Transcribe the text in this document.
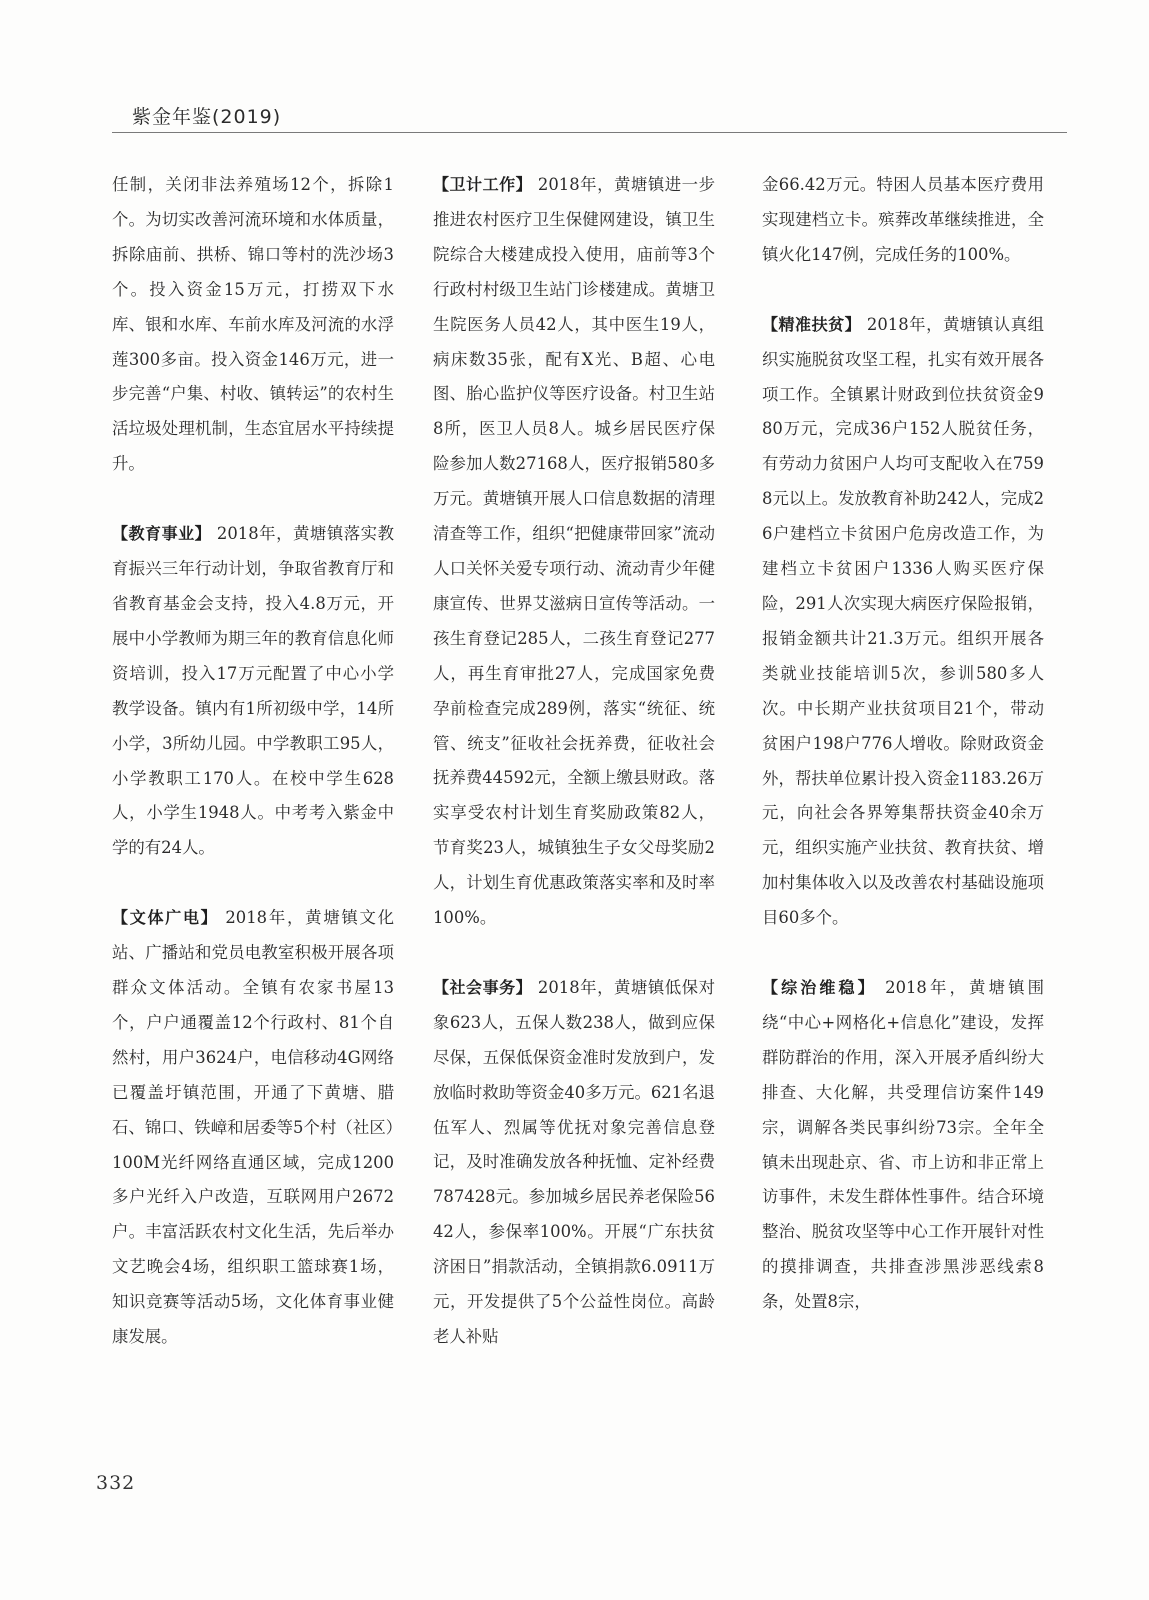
紫金年鉴(2019)

任制，关闭非法养殖场12个，拆除1个。为切实改善河流环境和水体质量，拆除庙前、拱桥、锦口等村的洗沙场3个。投入资金15万元，打捞双下水库、银和水库、车前水库及河流的水浮莲300多亩。投入资金146万元，进一步完善“户集、村收、镇转运”的农村生活垃圾处理机制，生态宜居水平持续提升。

【教育事业】 2018年，黄塘镇落实教育振兴三年行动计划，争取省教育厅和省教育基金会支持，投入4.8万元，开展中小学教师为期三年的教育信息化师资培训，投入17万元配置了中心小学教学设备。镇内有1所初级中学，14所小学，3所幼儿园。中学教职工95人，小学教职工170人。在校中学生628人，小学生1948人。中考考入紫金中学的有24人。

【文体广电】 2018年，黄塘镇文化站、广播站和党员电教室积极开展各项群众文体活动。全镇有农家书屋13个，户户通覆盖12个行政村、81个自然村，用户3624户，电信移动4G网络已覆盖圩镇范围，开通了下黄塘、腊石、锦口、铁嶂和居委等5个村（社区）100M光纤网络直通区域，完成1200多户光纤入户改造，互联网用户2672户。丰富活跃农村文化生活，先后举办文艺晚会4场，组织职工篮球赛1场，知识竞赛等活动5场，文化体育事业健康发展。

【卫计工作】 2018年，黄塘镇进一步推进农村医疗卫生保健网建设，镇卫生院综合大楼建成投入使用，庙前等3个行政村村级卫生站门诊楼建成。黄塘卫生院医务人员42人，其中医生19人，病床数35张，配有X光、B超、心电图、胎心监护仪等医疗设备。村卫生站8所，医卫人员8人。城乡居民医疗保险参加人数27168人，医疗报销580多万元。黄塘镇开展人口信息数据的清理清查等工作，组织“把健康带回家”流动人口关怀关爱专项行动、流动青少年健康宣传、世界艾滋病日宣传等活动。一孩生育登记285人，二孩生育登记277人，再生育审批27人，完成国家免费孕前检查完成289例，落实“统征、统管、统支”征收社会抚养费，征收社会抚养费44592元，全额上缴县财政。落实享受农村计划生育奖励政策82人，节育奖23人，城镇独生子女父母奖励2人，计划生育优惠政策落实率和及时率100%。

【社会事务】 2018年，黄塘镇低保对象623人，五保人数238人，做到应保尽保，五保低保资金准时发放到户，发放临时救助等资金40多万元。621名退伍军人、烈属等优抚对象完善信息登记，及时准确发放各种抚恤、定补经费787428元。参加城乡居民养老保险5642人，参保率100%。开展“广东扶贫济困日”捐款活动，全镇捐款6.0911万元，开发提供了5个公益性岗位。高龄老人补贴

金66.42万元。特困人员基本医疗费用实现建档立卡。殡葬改革继续推进，全镇火化147例，完成任务的100%。

【精准扶贫】 2018年，黄塘镇认真组织实施脱贫攻坚工程，扎实有效开展各项工作。全镇累计财政到位扶贫资金980万元，完成36户152人脱贫任务，有劳动力贫困户人均可支配收入在7598元以上。发放教育补助242人，完成26户建档立卡贫困户危房改造工作，为建档立卡贫困户1336人购买医疗保险，291人次实现大病医疗保险报销，报销金额共计21.3万元。组织开展各类就业技能培训5次，参训580多人次。中长期产业扶贫项目21个，带动贫困户198户776人增收。除财政资金外，帮扶单位累计投入资金1183.26万元，向社会各界筹集帮扶资金40余万元，组织实施产业扶贫、教育扶贫、增加村集体收入以及改善农村基础设施项目60多个。

【综治维稳】 2018年，黄塘镇围绕“中心+网格化+信息化”建设，发挥群防群治的作用，深入开展矛盾纠纷大排查、大化解，共受理信访案件149宗，调解各类民事纠纷73宗。全年全镇未出现赴京、省、市上访和非正常上访事件，未发生群体性事件。结合环境整治、脱贫攻坚等中心工作开展针对性的摸排调查，共排查涉黑涉恶线索8条，处置8宗，

332
